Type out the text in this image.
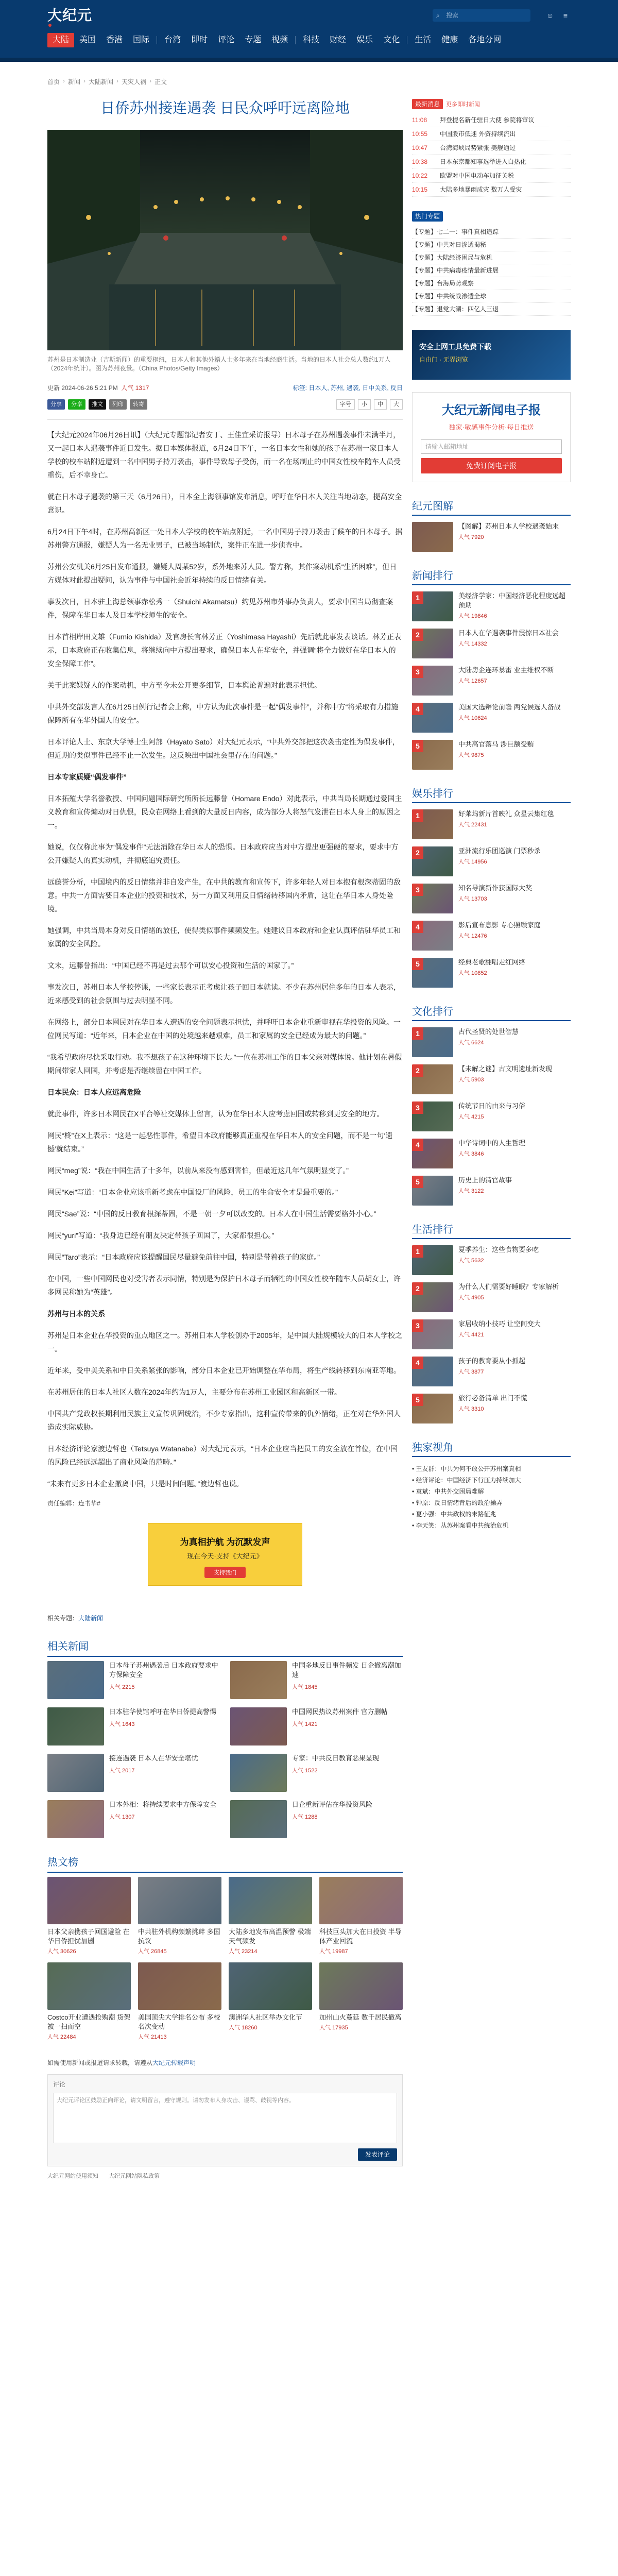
大纪元	⌕ 搜索	☺ ≡
大陆	美国	香港	国际	台湾	即时	评论	专题	视频	科技	财经	娱乐	文化	生活	健康	各地分网
首页 › 新闻 › 大陆新闻 › 天灾人祸 › 正文
日侨苏州接连遇袭 日民众呼吁远离险地

苏州是日本制造业（吉斯新闻）的重要枢纽，日本人和其他外籍人士多年来在当地经商生活。当地的日本人社会总人数约1万人（2024年统计）。图为苏州夜景。（China Photos/Getty Images）

更新 2024-06-26 5:21 PM 人气 1317	标签: 日本人, 苏州, 遇袭, 日中关系, 反日
分享	分享	推文	列印	转寄	字号	小	中	大

【大纪元2024年06月26日讯】（大纪元专题部记者安丁、王佳宜采访报导）日本母子在苏州遇袭事件未满半月，又一起日本人遇袭事件近日发生。据日本媒体报道，6月24日下午，一名日本女性和她的孩子在苏州一家日本人学校的校车站附近遭到一名中国男子持刀袭击，事件导致母子受伤，而一名在场制止的中国女性校车随车人员受重伤，后不幸身亡。

就在日本母子遇袭的第三天（6月26日），日本全上海领事馆发布消息，呼吁在华日本人关注当地动态，提高安全意识。

6月24日下午4时，在苏州高新区一处日本人学校的校车站点附近，一名中国男子持刀袭击了候车的日本母子。据苏州警方通报，嫌疑人为一名无业男子，已被当场制伏，案件正在进一步侦查中。

苏州公安机关6月25日发布通报，嫌疑人周某52岁，系外地来苏人员。警方称，其作案动机系“生活困难”，但日方媒体对此提出疑问，认为事件与中国社会近年持续的反日情绪有关。

事发次日，日本驻上海总领事赤松秀一（Shuichi Akamatsu）约见苏州市外事办负责人，要求中国当局彻查案件，保障在华日本人及日本学校师生的安全。

日本首相岸田文雄（Fumio Kishida）及官房长官林芳正（Yoshimasa Hayashi）先后就此事发表谈话。林芳正表示，日本政府正在收集信息，将继续向中方提出要求，确保日本人在华安全，并强调“将全力做好在华日本人的安全保障工作”。

关于此案嫌疑人的作案动机，中方至今未公开更多细节，日本舆论普遍对此表示担忧。

中共外交部发言人在6月25日例行记者会上称，中方认为此次事件是一起“偶发事件”，并称中方“将采取有力措施保障所有在华外国人的安全”。

日本评论人士、东京大学博士生阿部（Hayato Sato）对大纪元表示，“中共外交部把这次袭击定性为偶发事件，但近期的类似事件已经不止一次发生。这反映出中国社会里存在的问题。”

日本专家质疑“偶发事件”

日本拓殖大学名誉教授、中国问题国际研究所所长远藤誉（Homare Endo）对此表示，中共当局长期通过爱国主义教育和宣传煽动对日仇恨，民众在网络上看到的大量反日内容，成为部分人将怒气发泄在日本人身上的原因之一。

她说，仅仅称此事为“偶发事件”无法消除在华日本人的恐惧。日本政府应当对中方提出更强硬的要求，要求中方公开嫌疑人的真实动机，并彻底追究责任。

远藤誉分析，中国境内的反日情绪并非自发产生，在中共的教育和宣传下，许多年轻人对日本抱有根深蒂固的敌意。中共一方面需要日本企业的投资和技术，另一方面又利用反日情绪转移国内矛盾，这让在华日本人身处险境。

她强调，中共当局本身对反日情绪的放任，使得类似事件频频发生。她建议日本政府和企业认真评估驻华员工和家属的安全风险。

文末，远藤誉指出：“中国已经不再是过去那个可以安心投资和生活的国家了。”

事发次日，苏州日本人学校停课，一些家长表示正考虑让孩子回日本就读。不少在苏州居住多年的日本人表示，近来感受到的社会氛围与过去明显不同。

在网络上，部分日本网民对在华日本人遭遇的安全问题表示担忧，并呼吁日本企业重新审视在华投资的风险。一位网民写道：“近年来，日本企业在中国的处境越来越艰难，员工和家属的安全已经成为最大的问题。”

“我希望政府尽快采取行动。我不想孩子在这种环境下长大。”一位在苏州工作的日本父亲对媒体说。他计划在暑假期间带家人回国，并考虑是否继续留在中国工作。

日本民众：日本人应远离危险

就此事件，许多日本网民在X平台等社交媒体上留言，认为在华日本人应考虑回国或转移到更安全的地方。

网民“柊”在X上表示：“这是一起恶性事件，希望日本政府能够真正重视在华日本人的安全问题，而不是一句‘遗憾’就结束。”

网民“meg”说：“我在中国生活了十多年，以前从来没有感到害怕，但最近这几年气氛明显变了。”

网民“Kei”写道：“日本企业应该重新考虑在中国设厂的风险，员工的生命安全才是最重要的。”

网民“Sae”说：“中国的反日教育根深蒂固，不是一朝一夕可以改变的。日本人在中国生活需要格外小心。”

网民“yuri”写道：“我身边已经有朋友决定带孩子回国了，大家都很担心。”

网民“Taro”表示：“日本政府应该提醒国民尽量避免前往中国，特别是带着孩子的家庭。”

在中国，一些中国网民也对受害者表示同情，特别是为保护日本母子而牺牲的中国女性校车随车人员胡女士，许多网民称她为“英雄”。

苏州与日本的关系

苏州是日本企业在华投资的重点地区之一。苏州日本人学校创办于2005年，是中国大陆规模较大的日本人学校之一。

近年来，受中美关系和中日关系紧张的影响，部分日本企业已开始调整在华布局，将生产线转移到东南亚等地。

在苏州居住的日本人社区人数在2024年约为1万人，主要分布在苏州工业园区和高新区一带。

中国共产党政权长期利用民族主义宣传巩固统治，不少专家指出，这种宣传带来的仇外情绪，正在对在华外国人造成实际威胁。

日本经济评论家渡边哲也（Tetsuya Watanabe）对大纪元表示，“日本企业应当把员工的安全放在首位，在中国的风险已经远远超出了商业风险的范畴。”

“未来有更多日本企业撤离中国，只是时间问题。”渡边哲也说。

责任编辑：连书华#
为真相护航 为沉默发声
现在今天·支持《大纪元》
支持我们
相关专题：大陆新闻
相关新闻
日本母子苏州遇袭后 日本政府要求中方保障安全
人气 2215
中国多地反日事件频发 日企撤离潮加速
人气 1845
日本驻华使馆呼吁在华日侨提高警惕
人气 1643
中国网民热议苏州案件 官方删帖
人气 1421
接连遇袭 日本人在华安全堪忧
人气 2017
专家：中共反日教育恶果显现
人气 1522
日本外相：将持续要求中方保障安全
人气 1307
日企重新评估在华投资风险
人气 1288
热文榜
日本父亲携孩子回国避险 在华日侨担忧加剧
人气 30626
中共驻外机构频繁挑衅 多国抗议
人气 26845
大陆多地发布高温预警 极端天气频发
人气 23214
科技巨头加大在日投资 半导体产业回流
人气 19987
Costco开业遭遇抢购潮 货架被一扫而空
人气 22484
美国顶尖大学排名公布 多校名次变动
人气 21413
澳洲华人社区举办文化节
人气 18260
加州山火蔓延 数千居民撤离
人气 17935
如需使用新闻或报道请求转载，请遵从大纪元转载声明
评论
大纪元评论区鼓励正向评论，请文明留言，遵守规则。请勿发布人身攻击、谩骂、歧视等内容。
发表评论
大纪元网站使用须知 大纪元网站隐私政策
最新消息	更多即时新闻
11:08	拜登提名新任驻日大使 参院将审议
10:55	中国股市低迷 外资持续流出
10:47	台湾海峡局势紧张 美舰通过
10:38	日本东京都知事选举进入白热化
10:22	欧盟对中国电动车加征关税
10:15	大陆多地暴雨成灾 数万人受灾
热门专题
【专题】七二一：事件真相追踪
【专题】中共对日渗透揭秘
【专题】大陆经济困局与危机
【专题】中共病毒疫情最新进展
【专题】台海局势观察
【专题】中共统战渗透全球
【专题】退党大潮：四亿人三退
安全上网工具免费下载
自由门 · 无界浏览
大纪元新闻电子报
独家·敏感事件分析·每日推送
请输入邮箱地址
免费订阅电子报
纪元图解
【图解】苏州日本人学校遇袭始末
人气 7920
新闻排行
1	美经济学家：中国经济恶化程度远超预期
人气 19846
2	日本人在华遇袭事件震惊日本社会
人气 14332
3	大陆房企连环暴雷 业主维权不断
人气 12657
4	美国大选辩论前瞻 两党候选人备战
人气 10624
5	中共高官落马 涉巨额受贿
人气 9875
娱乐排行
1	好莱坞新片首映礼 众星云集红毯
人气 22431
2	亚洲流行乐团巡演 门票秒杀
人气 14956
3	知名导演新作获国际大奖
人气 13703
4	影后宣布息影 专心照顾家庭
人气 12476
5	经典老歌翻唱走红网络
人气 10852
文化排行
1	古代圣贤的处世智慧
人气 6624
2	【未解之谜】古文明遗址新发现
人气 5903
3	传统节日的由来与习俗
人气 4215
4	中华诗词中的人生哲理
人气 3846
5	历史上的清官故事
人气 3122
生活排行
1	夏季养生：这些食物要多吃
人气 5632
2	为什么人们需要好睡眠？专家解析
人气 4905
3	家居收纳小技巧 让空间变大
人气 4421
4	孩子的教育要从小抓起
人气 3877
5	旅行必备清单 出门不慌
人气 3310
独家视角
• 王友群：中共为何不敢公开苏州案真相
• 经济评论：中国经济下行压力持续加大
• 袁斌：中共外交困局难解
• 钟原：反日情绪背后的政治操弄
• 夏小强：中共政权的末路征兆
• 李天笑：从苏州案看中共统治危机
